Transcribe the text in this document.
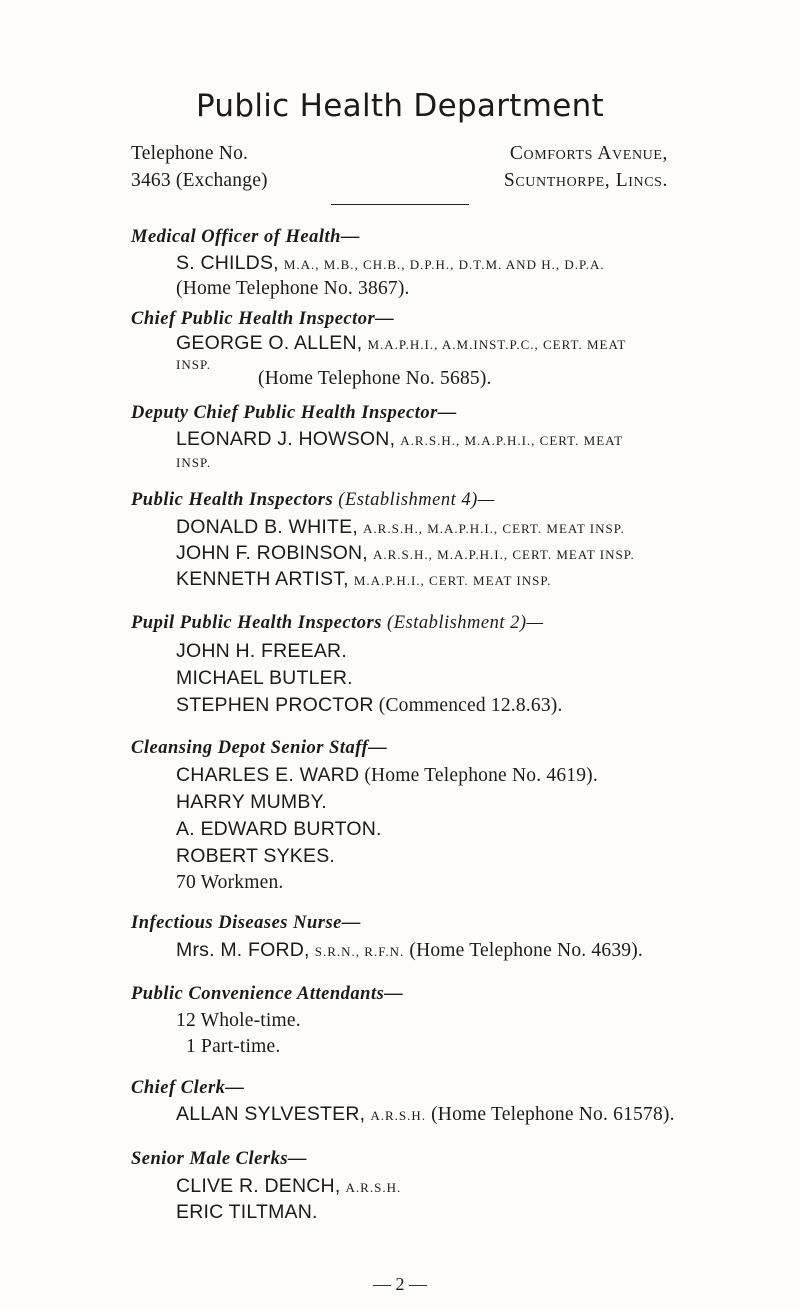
Public Health Department
Telephone No.
3463 (Exchange)
Comforts Avenue,
Scunthorpe, Lincs.
Medical Officer of Health—
S. CHILDS, M.A., M.B., CH.B., D.P.H., D.T.M. AND H., D.P.A.
(Home Telephone No. 3867).
Chief Public Health Inspector—
GEORGE O. ALLEN, M.A.P.H.I., A.M.INST.P.C., CERT. MEAT
INSP.
(Home Telephone No. 5685).
Deputy Chief Public Health Inspector—
LEONARD J. HOWSON, A.R.S.H., M.A.P.H.I., CERT. MEAT
INSP.
Public Health Inspectors (Establishment 4)—
DONALD B. WHITE, A.R.S.H., M.A.P.H.I., CERT. MEAT INSP.
JOHN F. ROBINSON, A.R.S.H., M.A.P.H.I., CERT. MEAT INSP.
KENNETH ARTIST, M.A.P.H.I., CERT. MEAT INSP.
Pupil Public Health Inspectors (Establishment 2)—
JOHN H. FREEAR.
MICHAEL BUTLER.
STEPHEN PROCTOR (Commenced 12.8.63).
Cleansing Depot Senior Staff—
CHARLES E. WARD (Home Telephone No. 4619).
HARRY MUMBY.
A. EDWARD BURTON.
ROBERT SYKES.
70 Workmen.
Infectious Diseases Nurse—
Mrs. M. FORD, S.R.N., R.F.N. (Home Telephone No. 4639).
Public Convenience Attendants—
12 Whole-time.
1 Part-time.
Chief Clerk—
ALLAN SYLVESTER, A.R.S.H. (Home Telephone No. 61578).
Senior Male Clerks—
CLIVE R. DENCH, A.R.S.H.
ERIC TILTMAN.
— 2 —
